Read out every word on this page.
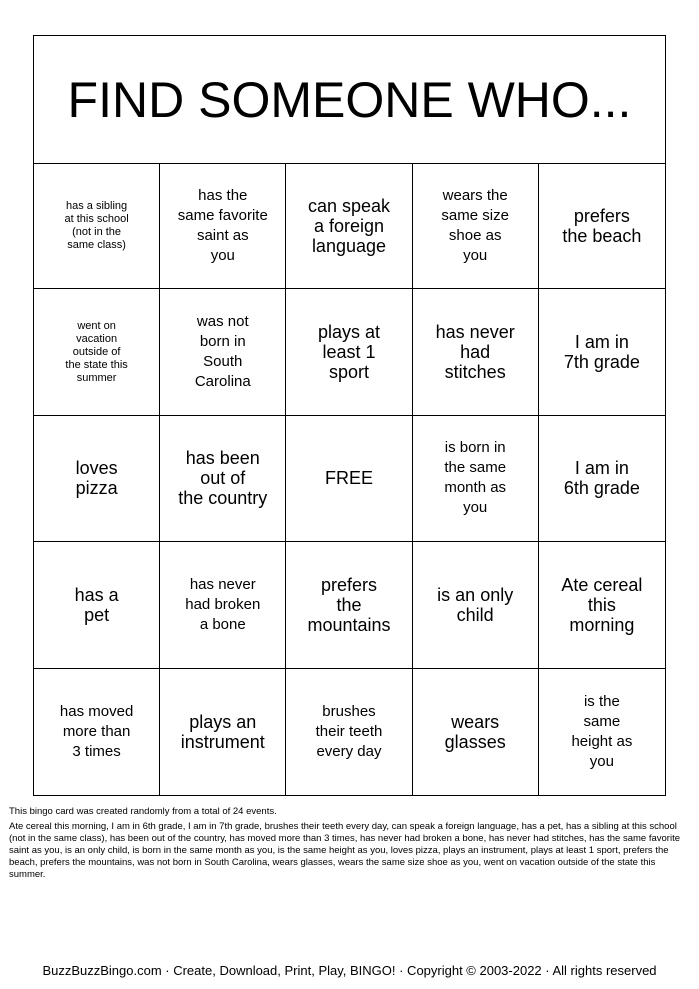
FIND SOMEONE WHO...
has a sibling
at this school
(not in the
same class)
has the
same favorite
saint as
you
can speak
a foreign
language
wears the
same size
shoe as
you
prefers
the beach
went on
vacation
outside of
the state this
summer
was not
born in
South
Carolina
plays at
least 1
sport
has never
had
stitches
I am in
7th grade
loves
pizza
has been
out of
the country
FREE
is born in
the same
month as
you
I am in
6th grade
has a
pet
has never
had broken
a bone
prefers
the
mountains
is an only
child
Ate cereal
this
morning
has moved
more than
3 times
plays an
instrument
brushes
their teeth
every day
wears
glasses
is the
same
height as
you
This bingo card was created randomly from a total of 24 events.
Ate cereal this morning, I am in 6th grade, I am in 7th grade, brushes their teeth every day, can speak a foreign language, has a pet, has a sibling at this school (not in the same class), has been out of the country, has moved more than 3 times, has never had broken a bone, has never had stitches, has the same favorite saint as you, is an only child, is born in the same month as you, is the same height as you, loves pizza, plays an instrument, plays at least 1 sport, prefers the beach, prefers the mountains, was not born in South Carolina, wears glasses, wears the same size shoe as you, went on vacation outside of the state this summer.
BuzzBuzzBingo.com · Create, Download, Print, Play, BINGO! · Copyright © 2003-2022 · All rights reserved
